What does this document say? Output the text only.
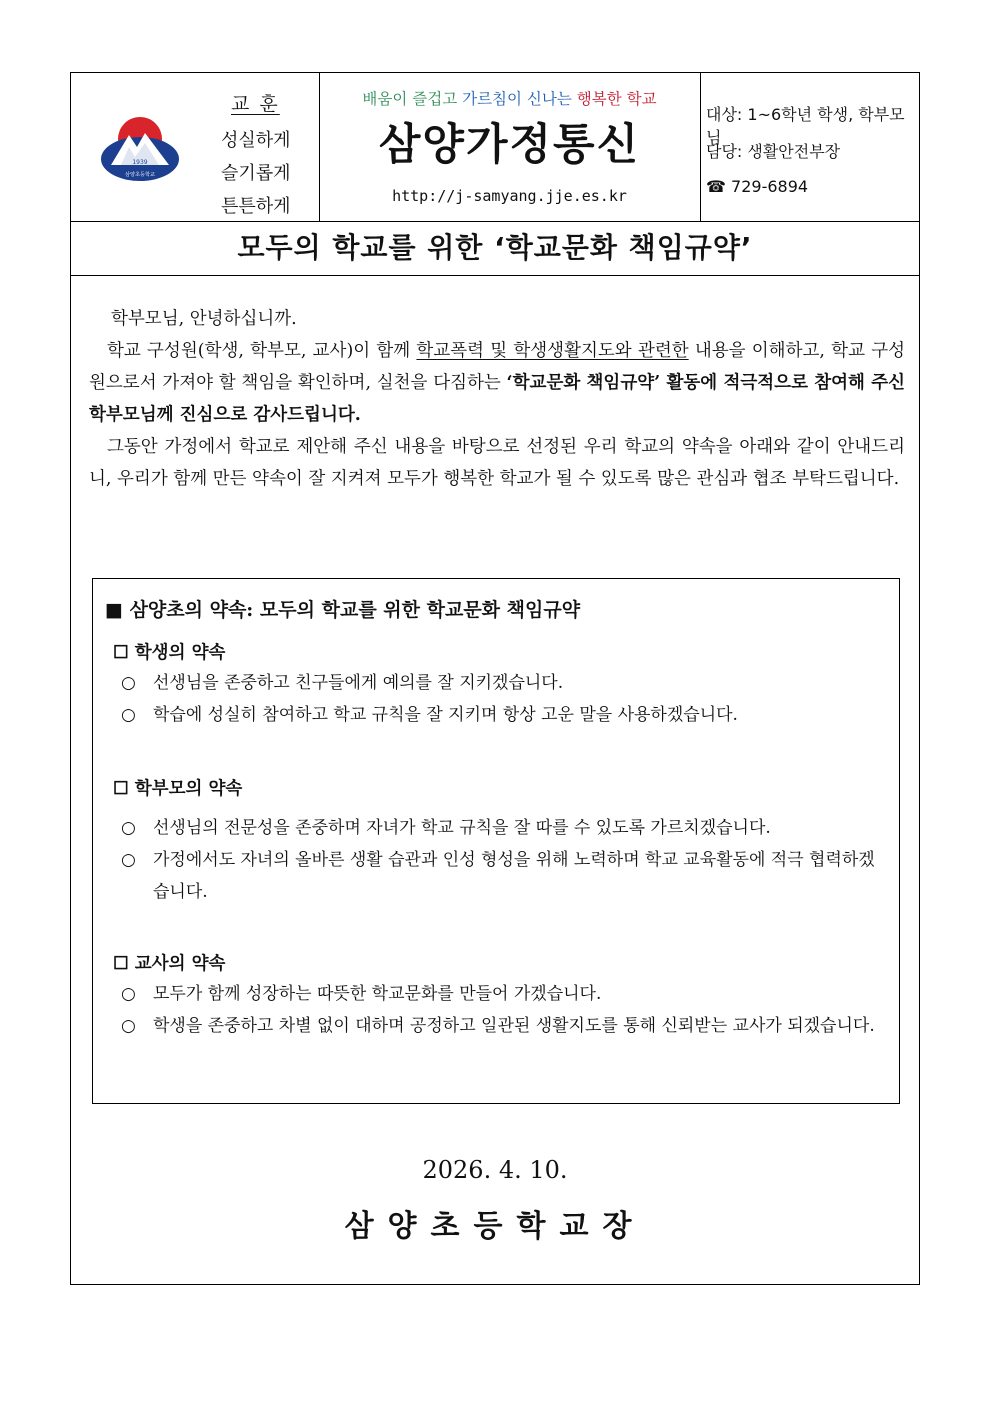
1939
삼양초등학교
교 훈
성실하게
슬기롭게
튼튼하게
배움이 즐겁고 가르침이 신나는 행복한 학교
삼양가정통신
http://j-samyang.jje.es.kr
대상: 1~6학년 학생, 학부모님
담당: 생활안전부장
☎ 729-6894
모두의 학교를 위한 ‘학교문화 책임규약’

학부모님, 안녕하십니까.

학교 구성원(학생, 학부모, 교사)이 함께 학교폭력 및 학생생활지도와 관련한 내용을 이해하고, 학교 구성원으로서 가져야 할 책임을 확인하며, 실천을 다짐하는 ‘학교문화 책임규약’ 활동에 적극적으로 참여해 주신 학부모님께 진심으로 감사드립니다.

그동안 가정에서 학교로 제안해 주신 내용을 바탕으로 선정된 우리 학교의 약속을 아래와 같이 안내드리니, 우리가 함께 만든 약속이 잘 지켜져 모두가 행복한 학교가 될 수 있도록 많은 관심과 협조 부탁드립니다.

■ 삼양초의 약속: 모두의 학교를 위한 학교문화 책임규약
☐ 학생의 약속
○	선생님을 존중하고 친구들에게 예의를 잘 지키겠습니다.
○	학습에 성실히 참여하고 학교 규칙을 잘 지키며 항상 고운 말을 사용하겠습니다.
☐ 학부모의 약속
○	선생님의 전문성을 존중하며 자녀가 학교 규칙을 잘 따를 수 있도록 가르치겠습니다.
○	가정에서도 자녀의 올바른 생활 습관과 인성 형성을 위해 노력하며 학교 교육활동에 적극 협력하겠습니다.
☐ 교사의 약속
○	모두가 함께 성장하는 따뜻한 학교문화를 만들어 가겠습니다.
○	학생을 존중하고 차별 없이 대하며 공정하고 일관된 생활지도를 통해 신뢰받는 교사가 되겠습니다.
2026. 4. 10.
삼양초등학교장
